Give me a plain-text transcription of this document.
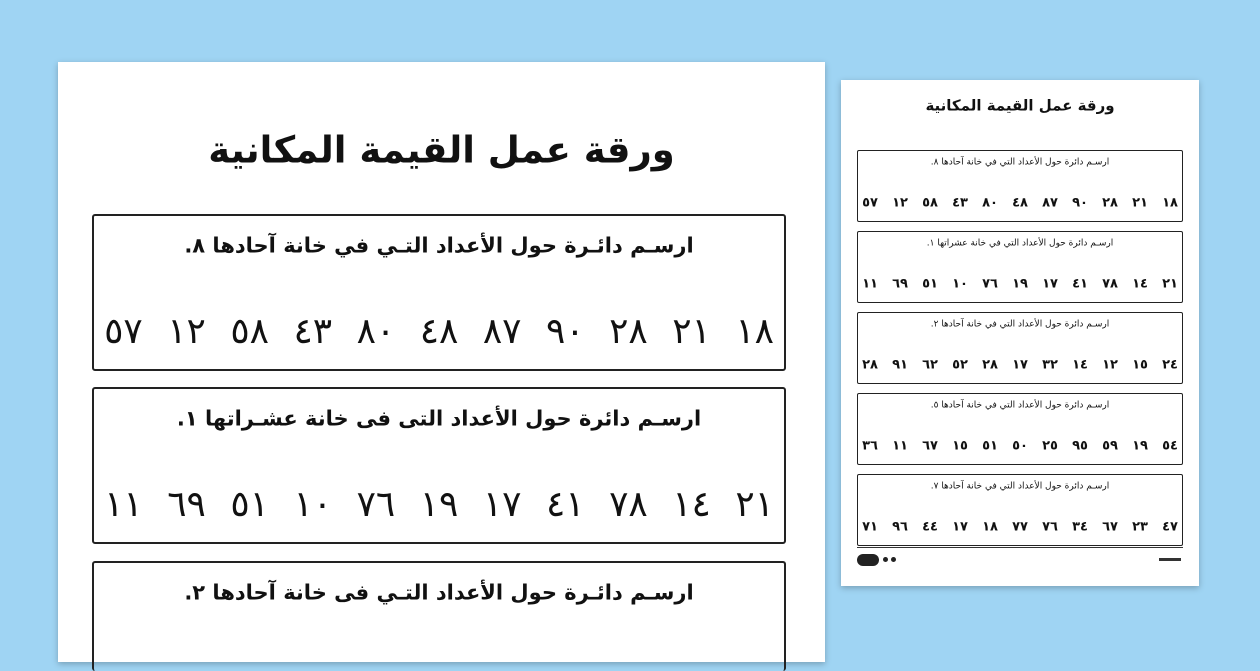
ورقة عمل القيمة المكانية
ارسـم دائـرة حول الأعداد التـي في خانة آحادها ٨.
١٨
٢١
٢٨
٩٠
٨٧
٤٨
٨٠
٤٣
٥٨
١٢
٥٧
ارسـم دائرة حول الأعداد التى فى خانة عشـراتها ١.
٢١
١٤
٧٨
٤١
١٧
١٩
٧٦
١٠
٥١
٦٩
١١
ارسـم دائـرة حول الأعداد التـي فى خانة آحادها ٢.
ورقة عمل القيمة المكانية
ارسـم دائرة حول الأعداد التي في خانة آحادها ٨.
١٨
٢١
٢٨
٩٠
٨٧
٤٨
٨٠
٤٣
٥٨
١٢
٥٧
ارسـم دائرة حول الأعداد التي في خانة عشراتها ١.
٢١
١٤
٧٨
٤١
١٧
١٩
٧٦
١٠
٥١
٦٩
١١
ارسـم دائرة حول الأعداد التي في خانة آحادها ٢.
٢٤
١٥
١٢
١٤
٣٢
١٧
٢٨
٥٢
٦٢
٩١
٢٨
ارسـم دائرة حول الأعداد التي في خانة آحادها ٥.
٥٤
١٩
٥٩
٩٥
٢٥
٥٠
٥١
١٥
٦٧
١١
٣٦
ارسـم دائرة حول الأعداد التي في خانة آحادها ٧.
٤٧
٢٣
٦٧
٣٤
٧٦
٧٧
١٨
١٧
٤٤
٩٦
٧١
